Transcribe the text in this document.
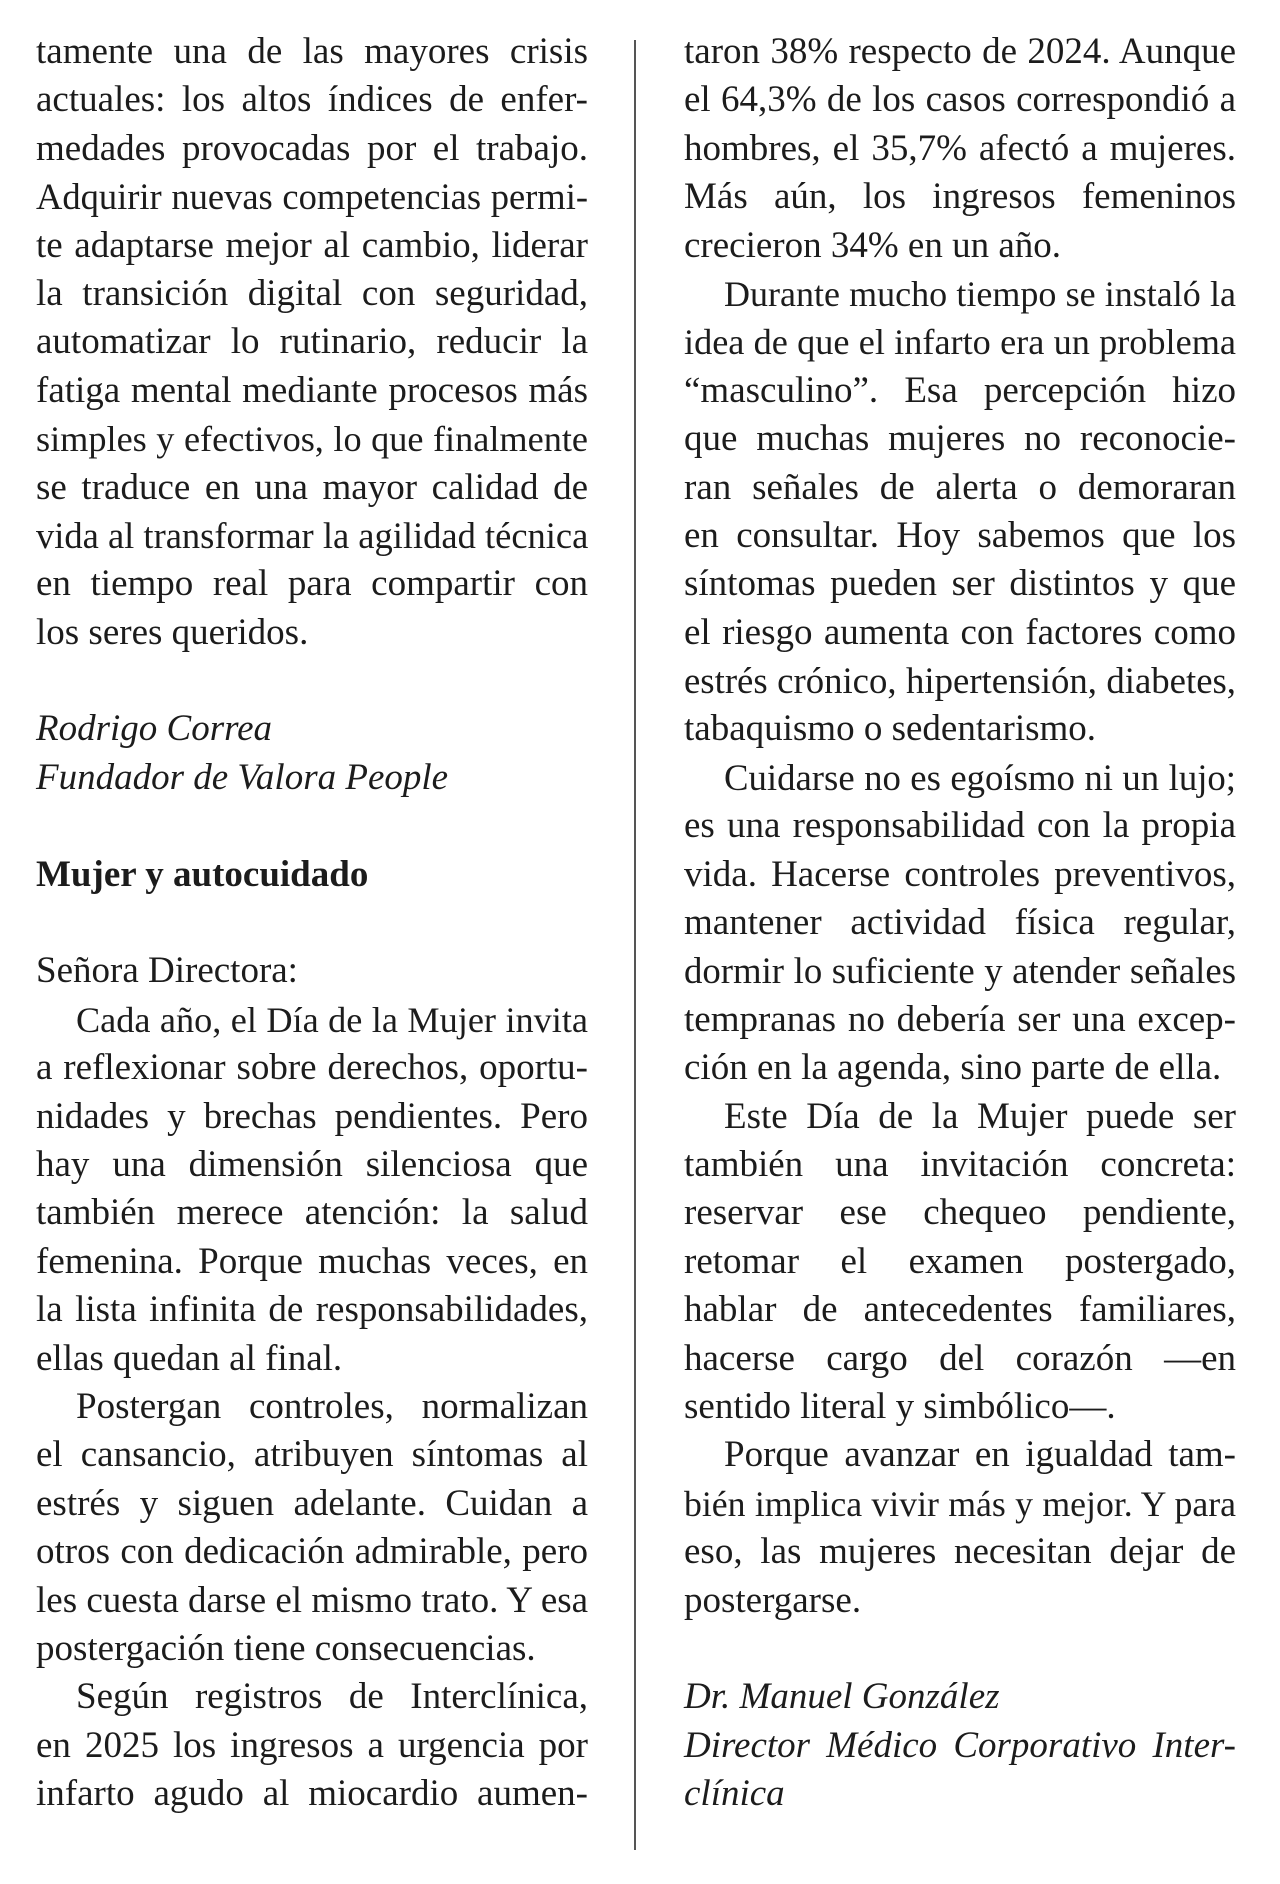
tamente una de las mayores crisis
actuales: los altos índices de enfer-
medades provocadas por el trabajo.
Adquirir nuevas competencias permi-
te adaptarse mejor al cambio, liderar
la transición digital con seguridad,
automatizar lo rutinario, reducir la
fatiga mental mediante procesos más
simples y efectivos, lo que finalmente
se traduce en una mayor calidad de
vida al transformar la agilidad técnica
en tiempo real para compartir con
los seres queridos.
Rodrigo Correa
Fundador de Valora People
Mujer y autocuidado
Señora Directora:
Cada año, el Día de la Mujer invita
a reflexionar sobre derechos, oportu-
nidades y brechas pendientes. Pero
hay una dimensión silenciosa que
también merece atención: la salud
femenina. Porque muchas veces, en
la lista infinita de responsabilidades,
ellas quedan al final.
Postergan controles, normalizan
el cansancio, atribuyen síntomas al
estrés y siguen adelante. Cuidan a
otros con dedicación admirable, pero
les cuesta darse el mismo trato. Y esa
postergación tiene consecuencias.
Según registros de Interclínica,
en 2025 los ingresos a urgencia por
infarto agudo al miocardio aumen-
taron 38% respecto de 2024. Aunque
el 64,3% de los casos correspondió a
hombres, el 35,7% afectó a mujeres.
Más aún, los ingresos femeninos
crecieron 34% en un año.
Durante mucho tiempo se instaló la
idea de que el infarto era un problema
“masculino”. Esa percepción hizo
que muchas mujeres no reconocie-
ran señales de alerta o demoraran
en consultar. Hoy sabemos que los
síntomas pueden ser distintos y que
el riesgo aumenta con factores como
estrés crónico, hipertensión, diabetes,
tabaquismo o sedentarismo.
Cuidarse no es egoísmo ni un lujo;
es una responsabilidad con la propia
vida. Hacerse controles preventivos,
mantener actividad física regular,
dormir lo suficiente y atender señales
tempranas no debería ser una excep-
ción en la agenda, sino parte de ella.
Este Día de la Mujer puede ser
también una invitación concreta:
reservar ese chequeo pendiente,
retomar el examen postergado,
hablar de antecedentes familiares,
hacerse cargo del corazón —en
sentido literal y simbólico—.
Porque avanzar en igualdad tam-
bién implica vivir más y mejor. Y para
eso, las mujeres necesitan dejar de
postergarse.
Dr. Manuel González
Director Médico Corporativo Inter-
clínica
